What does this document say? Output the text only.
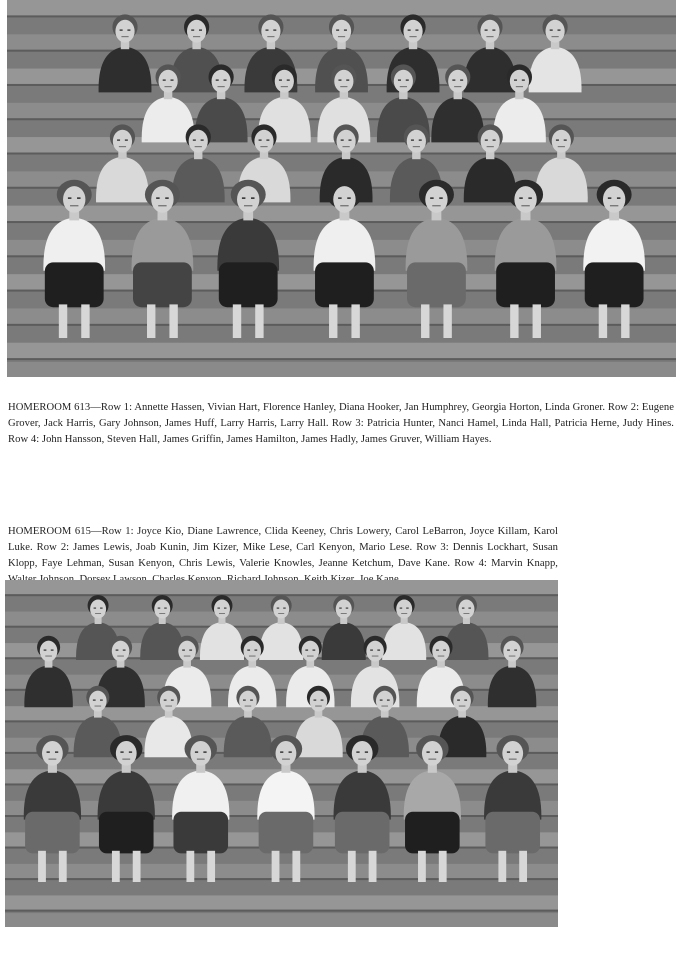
HOMEROOM 613—Row 1: Annette Hassen, Vivian Hart, Florence Hanley, Diana Hooker, Jan Humphrey, Georgia Horton, Linda Groner. Row 2: Eugene Grover, Jack Harris, Gary Johnson, James Huff, Larry Harris, Larry Hall. Row 3: Patricia Hunter, Nanci Hamel, Linda Hall, Patricia Herne, Judy Hines. Row 4: John Hansson, Steven Hall, James Griffin, James Hamilton, James Hadly, James Gruver, William Hayes.

HOMEROOM 615—Row 1: Joyce Kio, Diane Lawrence, Clida Keeney, Chris Lowery, Carol LeBarron, Joyce Killam, Karol Luke. Row 2: James Lewis, Joab Kunin, Jim Kizer, Mike Lese, Carl Kenyon, Mario Lese. Row 3: Dennis Lockhart, Susan Klopp, Faye Lehman, Susan Kenyon, Chris Lewis, Valerie Knowles, Jeanne Ketchum, Dave Kane. Row 4: Marvin Knapp,
